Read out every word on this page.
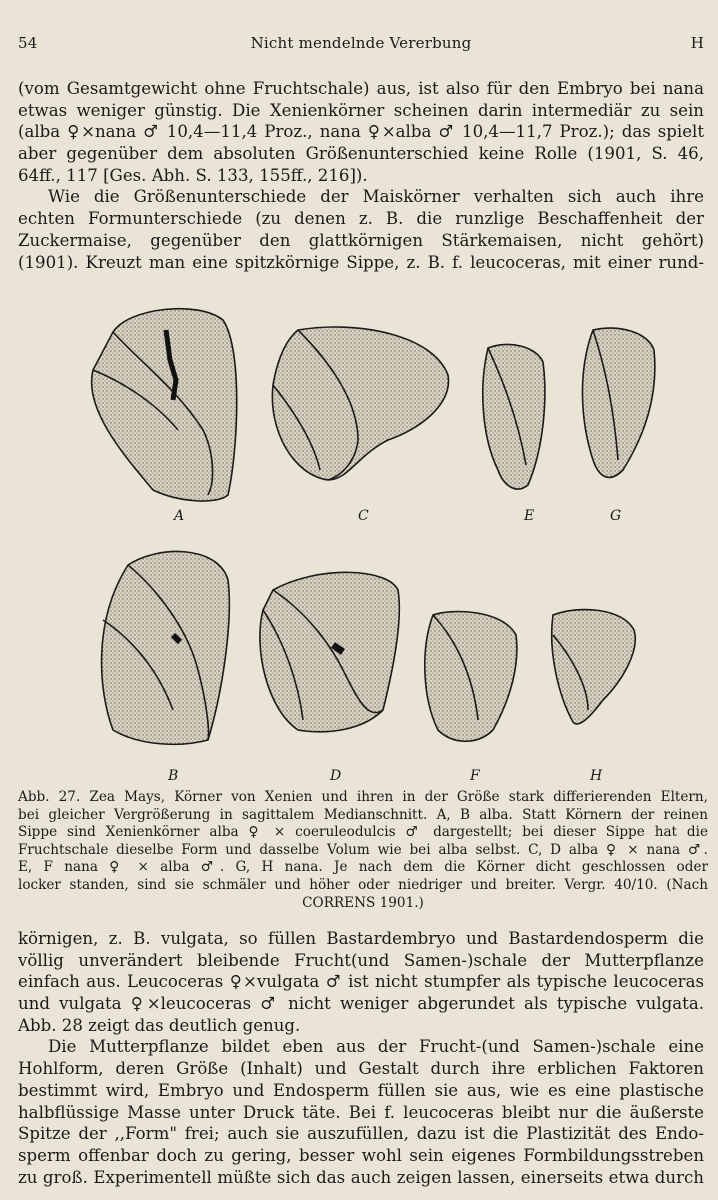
54	Nicht mendelnde Vererbung	H
(vom Gesamtgewicht ohne Fruchtschale) aus, ist also für den Embryo bei nana
etwas weniger günstig. Die Xenienkörner scheinen darin intermediär zu sein
(alba ♀×nana ♂ 10,4—11,4 Proz., nana ♀×alba ♂ 10,4—11,7 Proz.); das spielt
aber gegenüber dem absoluten Größenunterschied keine Rolle (1901, S. 46,
64ff., 117 [Ges. Abh. S. 133, 155ff., 216]).
Wie die Größenunterschiede der Maiskörner verhalten sich auch ihre
echten Formunterschiede (zu denen z. B. die runzlige Beschaffenheit der
Zuckermaise, gegenüber den glattkörnigen Stärkemaisen, nicht gehört)
(1901). Kreuzt man eine spitzkörnige Sippe, z. B. f. leucoceras, mit einer rund-
A	C	E	G
B	D	F	H
Abb. 27. Zea Mays, Körner von Xenien und ihren in der Größe stark differierenden Eltern,
bei gleicher Vergrößerung in sagittalem Medianschnitt. A, B alba. Statt Körnern der reinen
Sippe sind Xenienkörner alba ♀ × coeruleodulcis ♂ dargestellt; bei dieser Sippe hat die
Fruchtschale dieselbe Form und dasselbe Volum wie bei alba selbst. C, D alba ♀ × nana ♂.
E, F nana ♀ × alba ♂. G, H nana. Je nach dem die Körner dicht geschlossen oder
locker standen, sind sie schmäler und höher oder niedriger und breiter. Vergr. 40/10. (Nach
CORRENS 1901.)
körnigen, z. B. vulgata, so füllen Bastardembryo und Bastardendosperm die
völlig unverändert bleibende Frucht(und Samen-)schale der Mutterpflanze
einfach aus. Leucoceras ♀×vulgata ♂ ist nicht stumpfer als typische leucoceras
und vulgata ♀×leucoceras ♂ nicht weniger abgerundet als typische vulgata.
Abb. 28 zeigt das deutlich genug.
Die Mutterpflanze bildet eben aus der Frucht-(und Samen-)schale eine
Hohlform, deren Größe (Inhalt) und Gestalt durch ihre erblichen Faktoren
bestimmt wird, Embryo und Endosperm füllen sie aus, wie es eine plastische
halbflüssige Masse unter Druck täte. Bei f. leucoceras bleibt nur die äußerste
Spitze der ,,Form" frei; auch sie auszufüllen, dazu ist die Plastizität des Endo-
sperm offenbar doch zu gering, besser wohl sein eigenes Formbildungsstreben
zu groß. Experimentell müßte sich das auch zeigen lassen, einerseits etwa durch
